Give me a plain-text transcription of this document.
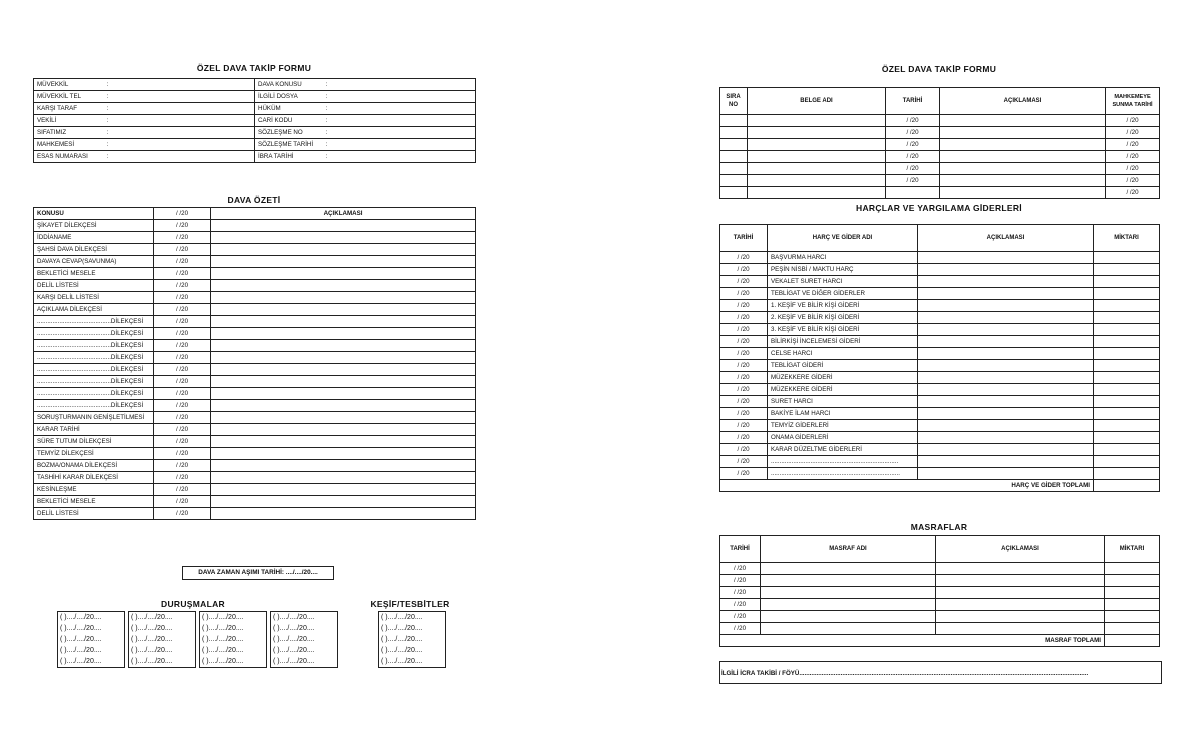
ÖZEL DAVA TAKİP FORMU
MÜVEKKİL	:	DAVA KONUSU	:
MÜVEKKİL TEL	:	İLGİLİ DOSYA	:
KARŞI TARAF	:	HÜKÜM	:
VEKİLİ	:	CARİ KODU	:
SIFATIMIZ	:	SÖZLEŞME NO	:
MAHKEMESİ	:	SÖZLEŞME TARİHİ	:
ESAS NUMARASI	:	İBRA TARİHİ	:
DAVA ÖZETİ
KONUSU	/ /20	AÇIKLAMASI
ŞİKAYET DİLEKÇESİ	/ /20	
İDDİANAME	/ /20	
ŞAHSİ DAVA DİLEKÇESİ	/ /20	
DAVAYA CEVAP(SAVUNMA)	/ /20	
BEKLETİCİ MESELE	/ /20	
DELİL LİSTESİ	/ /20	
KARŞI DELİL LİSTESİ	/ /20	
AÇIKLAMA DİLEKÇESİ	/ /20	
...........................................DİLEKÇESİ	/ /20	
...........................................DİLEKÇESİ	/ /20	
...........................................DİLEKÇESİ	/ /20	
...........................................DİLEKÇESİ	/ /20	
...........................................DİLEKÇESİ	/ /20	
...........................................DİLEKÇESİ	/ /20	
...........................................DİLEKÇESİ	/ /20	
...........................................DİLEKÇESİ	/ /20	
SORUŞTURMANIN GENİŞLETİLMESİ	/ /20	
KARAR TARİHİ	/ /20	
SÜRE TUTUM DİLEKÇESİ	/ /20	
TEMYİZ DİLEKÇESİ	/ /20	
BOZMA/ONAMA DİLEKÇESİ	/ /20	
TASHİHİ KARAR DİLEKÇESİ	/ /20	
KESİNLEŞME	/ /20	
BEKLETİCİ MESELE	/ /20	
DELİL LİSTESİ	/ /20	
DAVA ZAMAN AŞIMI TARİHİ: ..../..../20....
DURUŞMALAR
( )..../..../20....
( )..../..../20....
( )..../..../20....
( )..../..../20....
( )..../..../20....
( )..../..../20....
( )..../..../20....
( )..../..../20....
( )..../..../20....
( )..../..../20....
( )..../..../20....
( )..../..../20....
( )..../..../20....
( )..../..../20....
( )..../..../20....
( )..../..../20....
( )..../..../20....
( )..../..../20....
( )..../..../20....
( )..../..../20....
KEŞİF/TESBİTLER
( )..../..../20....
( )..../..../20....
( )..../..../20....
( )..../..../20....
( )..../..../20....
ÖZEL DAVA TAKİP FORMU
SIRA NO	BELGE ADI	TARİHİ	AÇIKLAMASI	MAHKEMEYE SUNMA TARİHİ
		/ /20		/ /20
		/ /20		/ /20
		/ /20		/ /20
		/ /20		/ /20
		/ /20		/ /20
		/ /20		/ /20
				/ /20
HARÇLAR VE YARGILAMA GİDERLERİ
TARİHİ	HARÇ VE GİDER ADI	AÇIKLAMASI	MİKTARI
/ /20	BAŞVURMA HARCI		
/ /20	PEŞİN NİSBİ / MAKTU HARÇ		
/ /20	VEKALET SURET HARCI		
/ /20	TEBLİGAT VE DİĞER GİDERLER		
/ /20	1. KEŞİF VE BİLİR KİŞİ GİDERİ		
/ /20	2. KEŞİF VE BİLİR KİŞİ GİDERİ		
/ /20	3. KEŞİF VE BİLİR KİŞİ GİDERİ		
/ /20	BİLİRKİŞİ İNCELEMESİ GİDERİ		
/ /20	CELSE HARCI		
/ /20	TEBLİGAT GİDERİ		
/ /20	MÜZEKKERE GİDERİ		
/ /20	MÜZEKKERE GİDERİ		
/ /20	SURET HARCI		
/ /20	BAKİYE İLAM HARCI		
/ /20	TEMYİZ GİDERLERİ		
/ /20	ONAMA GİDERLERİ		
/ /20	KARAR DÜZELTME GİDERLERİ		
/ /20	..........................................................................		
/ /20	...........................................................................		
HARÇ VE GİDER TOPLAMI			
MASRAFLAR
TARİHİ	MASRAF ADI	AÇIKLAMASI	MİKTARI
/ /20			
/ /20			
/ /20			
/ /20			
/ /20			
/ /20			
MASRAF TOPLAMI			
İLGİLİ İCRA TAKİBİ / FÖYÜ........................................................................................................................................................................
